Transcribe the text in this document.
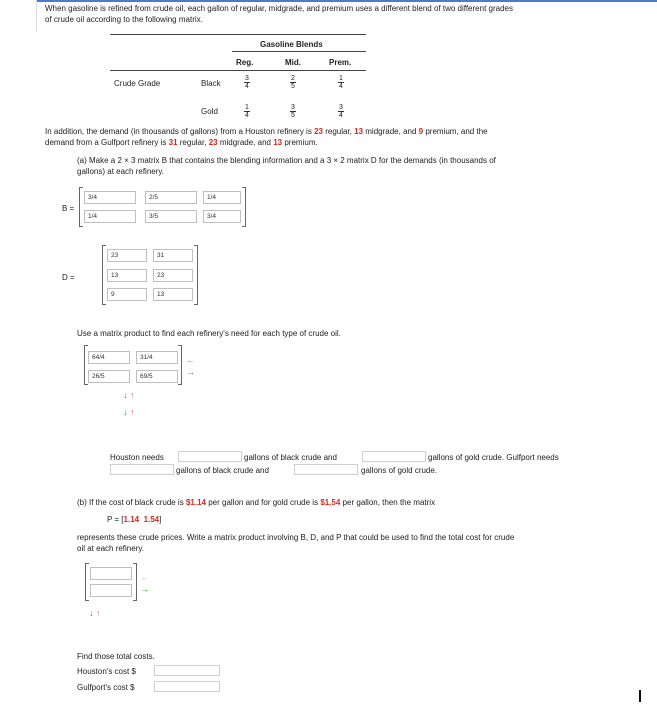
When gasoline is refined from crude oil, each gallon of regular, midgrade, and premium uses a different blend of two different grades
of crude oil according to the following matrix.
Gasoline Blends
Reg.	Mid.	Prem.
Crude Grade	Black
Gold
$\frac{3}{4}$	$\frac{2}{5}$	$\frac{1}{4}$
$\frac{1}{4}$	$\frac{3}{5}$	$\frac{3}{4}$
In addition, the demand (in thousands of gallons) from a Houston refinery is 23 regular, 13 midgrade, and 9 premium, and the
demand from a Gulfport refinery is 31 regular, 23 midgrade, and 13 premium.
(a) Make a 2 × 3 matrix B that contains the blending information and a 3 × 2 matrix D for the demands (in thousands of
gallons) at each refinery.
B =
3/4	2/5	1/4
1/4	3/5	3/4
D =
23	31
13	23
9	13
Use a matrix product to find each refinery's need for each type of crude oil.
64/4	31/4
26/5	69/5
←
→
↓ ↑
↓ ↑
Houston needs	gallons of black crude and	gallons of gold crude. Gulfport needs
gallons of black crude and	gallons of gold crude.
(b) If the cost of black crude is $1.14 per gallon and for gold crude is $1.54 per gallon, then the matrix
P = [1.14 1.54]
represents these crude prices. Write a matrix product involving B, D, and P that could be used to find the total cost for crude
oil at each refinery.
←
→
↓ ↑
Find those total costs.
Houston's cost $
Gulfport's cost $
